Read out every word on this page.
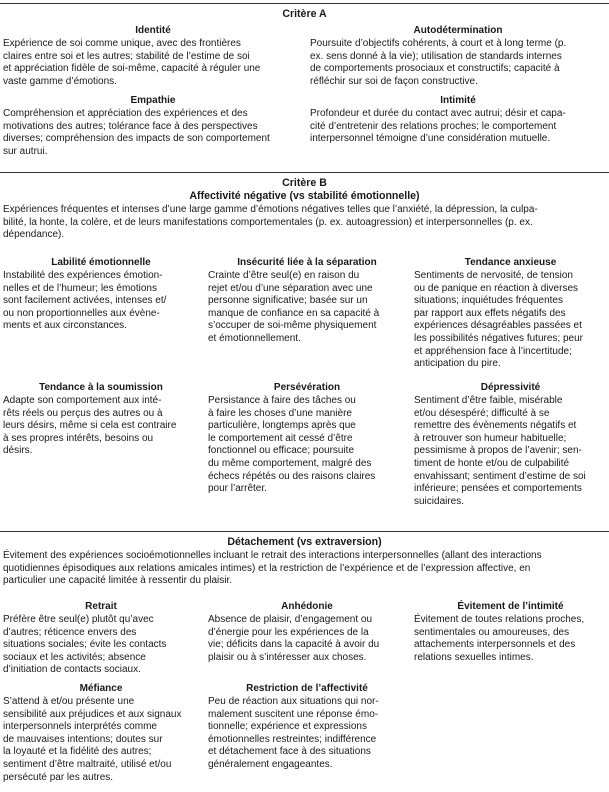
Critère A

Identité

Expérience de soi comme unique, avec des frontières
claires entre soi et les autres; stabilité de l’estime de soi
et appréciation fidèle de soi-même, capacité à réguler une
vaste gamme d’émotions.

Autodétermination

Poursuite d’objectifs cohérents, à court et à long terme (p.
ex. sens donné à la vie); utilisation de standards internes
de comportements prosociaux et constructifs; capacité à
réfléchir sur soi de façon constructive.

Empathie

Compréhension et appréciation des expériences et des
motivations des autres; tolérance face à des perspectives
diverses; compréhension des impacts de son comportement
sur autrui.

Intimité

Profondeur et durée du contact avec autrui; désir et capa-
cité d’entretenir des relations proches; le comportement
interpersonnel témoigne d’une considération mutuelle.

Critère B

Affectivité négative (vs stabilité émotionnelle)

Expériences fréquentes et intenses d’une large gamme d’émotions négatives telles que l’anxiété, la dépression, la culpa-
bilité, la honte, la colère, et de leurs manifestations comportementales (p. ex. autoagression) et interpersonnelles (p. ex.
dépendance).

Labilité émotionnelle

Instabilité des expériences émotion-
nelles et de l’humeur; les émotions
sont facilement activées, intenses et/
ou non proportionnelles aux évène-
ments et aux circonstances.

Insécurité liée à la séparation

Crainte d’être seul(e) en raison du
rejet et/ou d’une séparation avec une
personne significative; basée sur un
manque de confiance en sa capacité à
s’occuper de soi-même physiquement
et émotionnellement.

Tendance anxieuse

Sentiments de nervosité, de tension
ou de panique en réaction à diverses
situations; inquiétudes fréquentes
par rapport aux effets négatifs des
expériences désagréables passées et
les possibilités négatives futures; peur
et appréhension face à l’incertitude;
anticipation du pire.

Tendance à la soumission

Adapte son comportement aux inté-
rêts réels ou perçus des autres ou à
leurs désirs, même si cela est contraire
à ses propres intérêts, besoins ou
désirs.

Persévération

Persistance à faire des tâches ou
à faire les choses d’une manière
particulière, longtemps après que
le comportement ait cessé d’être
fonctionnel ou efficace; poursuite
du même comportement, malgré des
échecs répétés ou des raisons claires
pour l’arrêter.

Dépressivité

Sentiment d’être faible, misérable
et/ou désespéré; difficulté à se
remettre des évènements négatifs et
à retrouver son humeur habituelle;
pessimisme à propos de l’avenir; sen-
timent de honte et/ou de culpabilité
envahissant; sentiment d’estime de soi
inférieure; pensées et comportements
suicidaires.

Détachement (vs extraversion)

Évitement des expériences socioémotionnelles incluant le retrait des interactions interpersonnelles (allant des interactions
quotidiennes épisodiques aux relations amicales intimes) et la restriction de l’expérience et de l’expression affective, en
particulier une capacité limitée à ressentir du plaisir.

Retrait

Préfère être seul(e) plutôt qu’avec
d’autres; réticence envers des
situations sociales; évite les contacts
sociaux et les activités; absence
d’initiation de contacts sociaux.

Anhédonie

Absence de plaisir, d’engagement ou
d’énergie pour les expériences de la
vie; déficits dans la capacité à avoir du
plaisir ou à s’intéresser aux choses.

Évitement de l’intimité

Évitement de toutes relations proches,
sentimentales ou amoureuses, des
attachements interpersonnels et des
relations sexuelles intimes.

Méfiance

S’attend à et/ou présente une
sensibilité aux préjudices et aux signaux
interpersonnels interprétés comme
de mauvaises intentions; doutes sur
la loyauté et la fidélité des autres;
sentiment d’être maltraité, utilisé et/ou
persécuté par les autres.

Restriction de l’affectivité

Peu de réaction aux situations qui nor-
malement suscitent une réponse émo-
tionnelle; expérience et expressions
émotionnelles restreintes; indifférence
et détachement face à des situations
généralement engageantes.
